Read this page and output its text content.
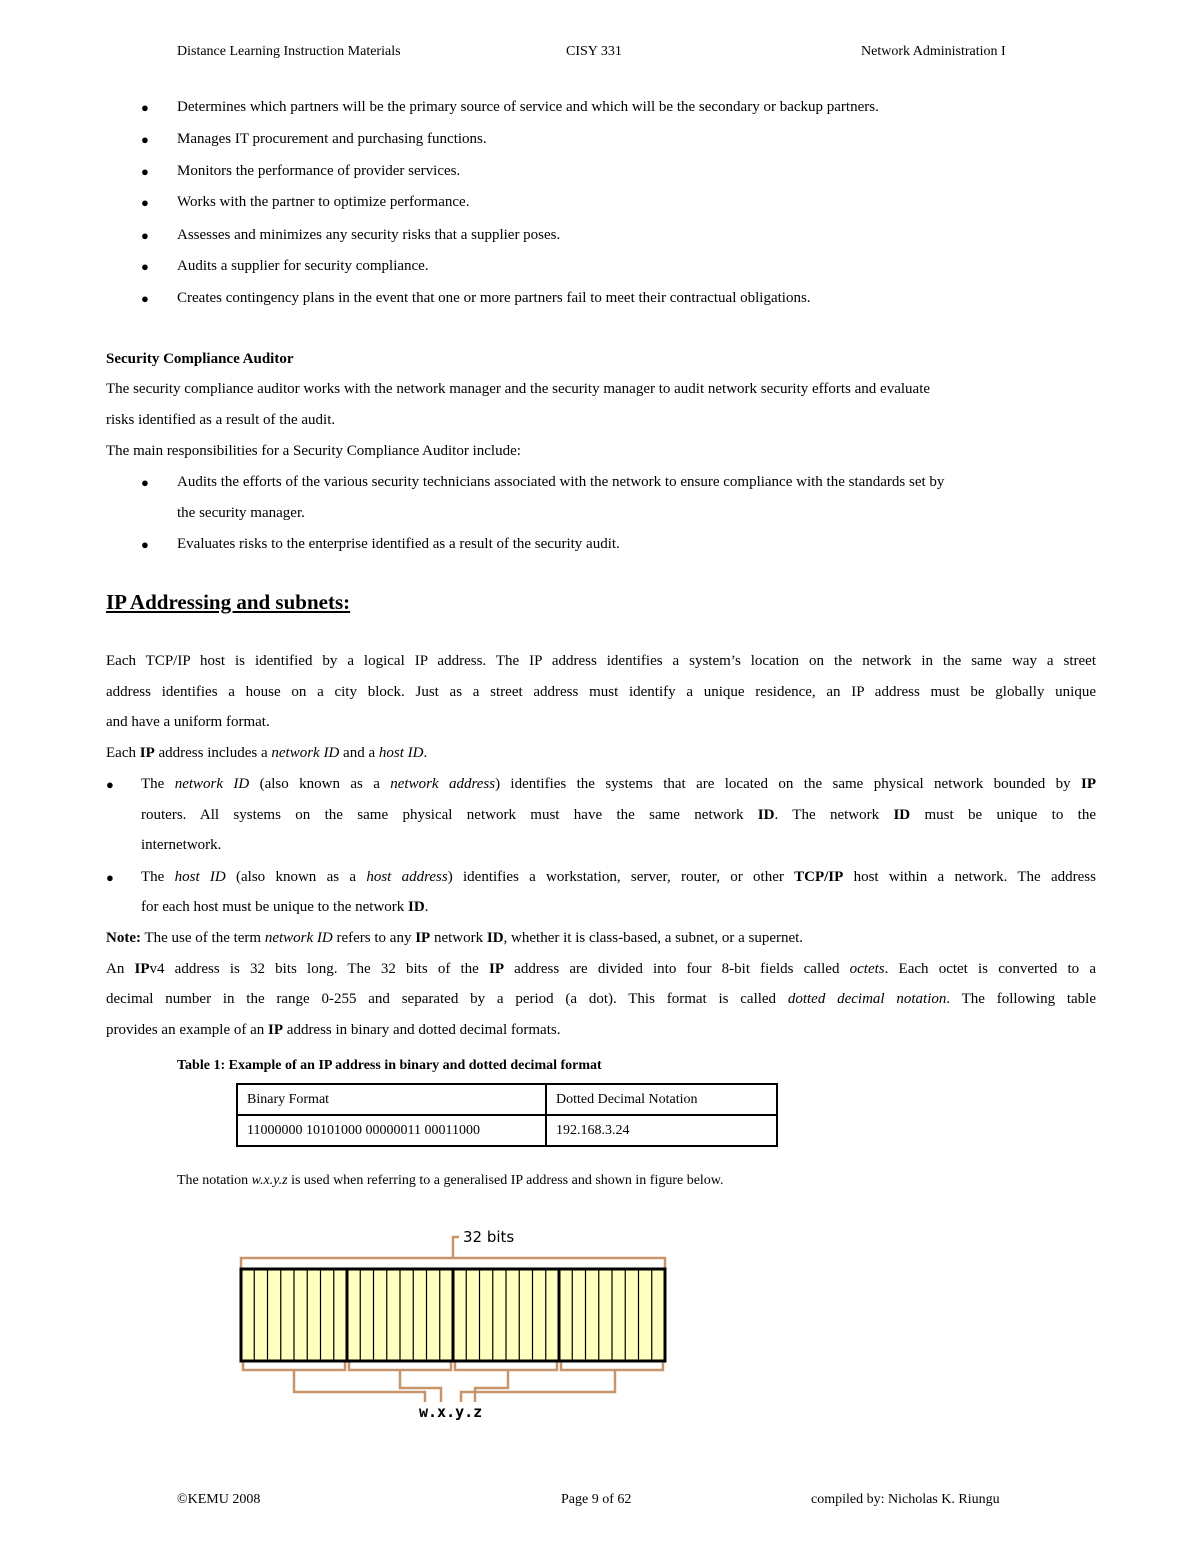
Distance Learning Instruction Materials	CISY 331	Network Administration I
● Determines which partners will be the primary source of service and which will be the secondary or backup partners.
● Manages IT procurement and purchasing functions.
● Monitors the performance of provider services.
● Works with the partner to optimize performance.
● Assesses and minimizes any security risks that a supplier poses.
● Audits a supplier for security compliance.
● Creates contingency plans in the event that one or more partners fail to meet their contractual obligations.
Security Compliance Auditor
The security compliance auditor works with the network manager and the security manager to audit network security efforts and evaluate
risks identified as a result of the audit.
The main responsibilities for a Security Compliance Auditor include:
● Audits the efforts of the various security technicians associated with the network to ensure compliance with the standards set by
the security manager.
● Evaluates risks to the enterprise identified as a result of the security audit.
IP Addressing and subnets:
Each TCP/IP host is identified by a logical IP address. The IP address identifies a system’s location on the network in the same way a street
address identifies a house on a city block. Just as a street address must identify a unique residence, an IP address must be globally unique
and have a uniform format.
Each IP address includes a network ID and a host ID.
● The network ID (also known as a network address) identifies the systems that are located on the same physical network bounded by IP
routers. All systems on the same physical network must have the same network ID. The network ID must be unique to the
internetwork.
● The host ID (also known as a host address) identifies a workstation, server, router, or other TCP/IP host within a network. The address
for each host must be unique to the network ID.
Note: The use of the term network ID refers to any IP network ID, whether it is class-based, a subnet, or a supernet.
An IPv4 address is 32 bits long. The 32 bits of the IP address are divided into four 8-bit fields called octets. Each octet is converted to a
decimal number in the range 0-255 and separated by a period (a dot). This format is called dotted decimal notation. The following table
provides an example of an IP address in binary and dotted decimal formats.
Table 1: Example of an IP address in binary and dotted decimal format
Binary Format	Dotted Decimal Notation
11000000 10101000 00000011 00011000	192.168.3.24
The notation w.x.y.z is used when referring to a generalised IP address and shown in figure below.
32 bits
w.x.y.z
©KEMU 2008	Page 9 of 62	compiled by: Nicholas K. Riungu
